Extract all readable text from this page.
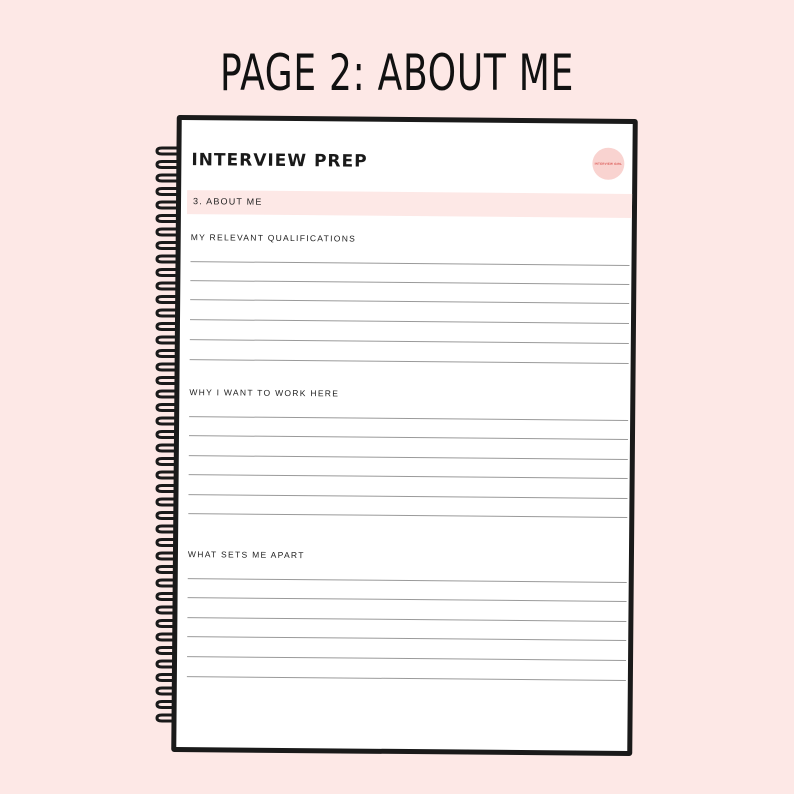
PAGE 2: ABOUT ME
INTERVIEW PREP	INTERVIEW GIRL
3. ABOUT ME
MY RELEVANT QUALIFICATIONS
WHY I WANT TO WORK HERE
WHAT SETS ME APART
